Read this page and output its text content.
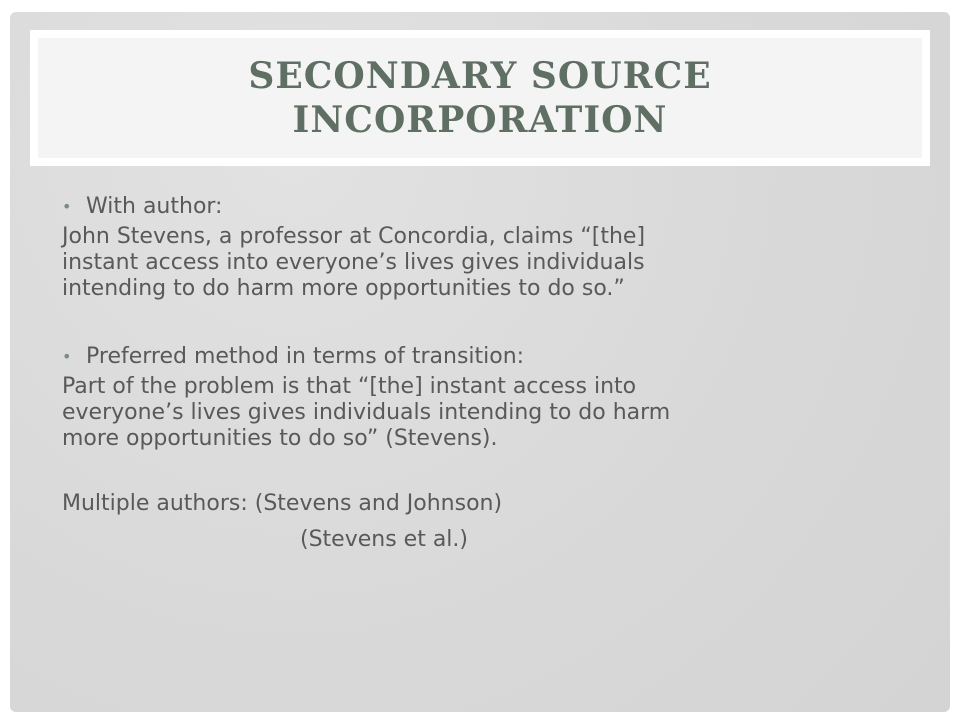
SECONDARY SOURCE
INCORPORATION
• With author:
John Stevens, a professor at Concordia, claims “[the]
instant access into everyone’s lives gives individuals
intending to do harm more opportunities to do so.”
• Preferred method in terms of transition:
Part of the problem is that “[the] instant access into
everyone’s lives gives individuals intending to do harm
more opportunities to do so” (Stevens).
Multiple authors: (Stevens and Johnson)
(Stevens et al.)
